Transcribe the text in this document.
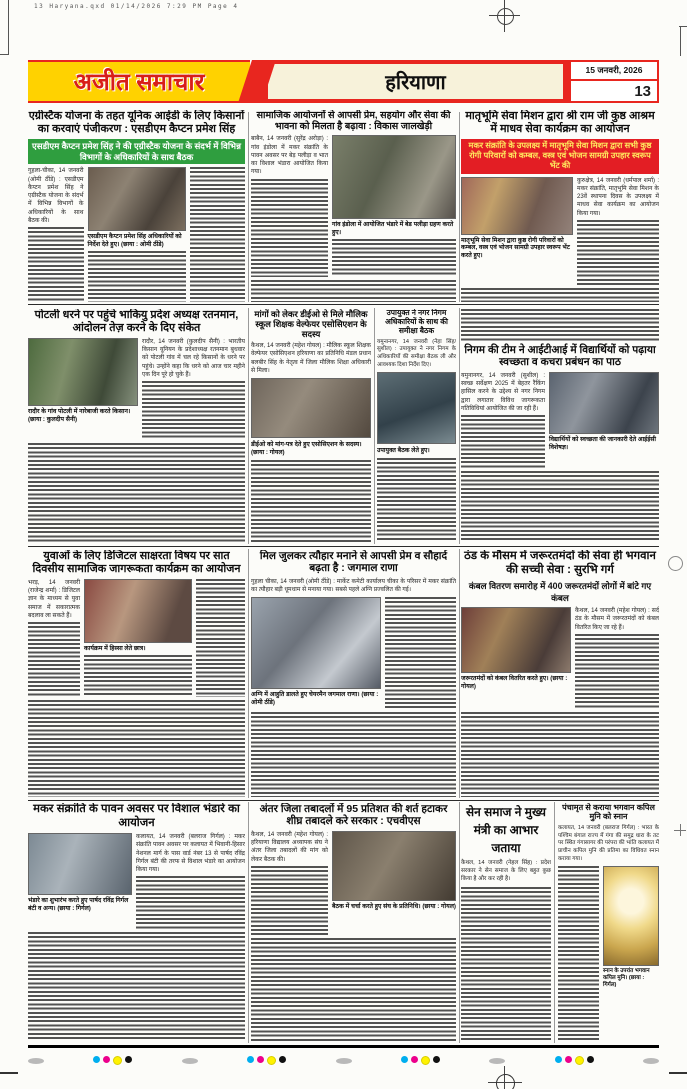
13 Haryana.qxd 01/14/2026 7:29 PM Page 4
अजीत समाचार	हरियाणा
15 जनवरी, 2026
13
एग्रीस्टैक योजना के तहत यूनिक आईडी के लिए किसानों का करवाएं पंजीकरण : एसडीएम कैप्टन प्रमेश सिंह
एसडीएम कैप्टन प्रमेश सिंह ने की एग्रीस्टैक योजना के संदर्भ में विभिन्न विभागों के अधिकारियों के साथ बैठक
गुहला-चीका, 14 जनवरी (ओमी ठींडे) : एसडीएम कैप्टन प्रमेश सिंह ने एग्रीस्टैक योजना के संदर्भ में विभिन्न विभागों के अधिकारियों के साथ बैठक की।
एसडीएम कैप्टन प्रमेश सिंह अधिकारियों को निर्देश देते हुए। (छाया : ओमी ठींडे)
सामाजिक आयोजनों से आपसी प्रेम, सहयोग और सेवा की भावना को मिलता है बढ़ावा : विकास जालखेड़ी
बाबैन, 14 जनवरी (सुरेंद्र अरोड़ा) : गांव इंडोला में मकर संक्रांति के पावन अवसर पर बेड़ पलीड़ा व भात का विशाल भंडारा आयोजित किया गया।
गांव इंडोला में आयोजित भंडारे में बेड पलीड़ा ग्रहण करते हुए।
मातृभूमि सेवा मिशन द्वारा श्री राम जी कुष्ठ आश्रम में माधव सेवा कार्यक्रम का आयोजन
मकर संक्रांति के उपलक्ष्य में मातृभूमि सेवा मिशन द्वारा सभी कुष्ठ रोगी परिवारों को कम्बल, वस्त्र एवं भोजन सामग्री उपहार स्वरूप भेंट की
मातृभूमि सेवा मिशन द्वारा कुष्ठ रोगी परिवारों को कम्बल, वस्त्र एवं भोजन सामग्री उपहार स्वरूप भेंट करते हुए।
कुरुक्षेत्र, 14 जनवरी (धर्मपाल शर्मा) : मकर संक्रांति, मातृभूमि सेवा मिशन के 23वें स्थापना दिवस के उपलक्ष्य में माधव सेवा कार्यक्रम का आयोजन किया गया।
पोटली धरने पर पहुंचे भाकियु प्रदेश अध्यक्ष रतनमान, आंदोलन तेज़ करने के दिए संकेत
रादौर के गांव पोटली में नारेबाजी करते किसान। (छाया : कुलदीप सैनी)
रादौर, 14 जनवरी (कुलदीप सैनी) : भारतीय किसान यूनियन के प्रदेशाध्यक्ष रतनमान बुधवार को पोटली गांव में चल रहे किसानों के धरने पर पहुंचे। उन्होंने कहा कि धरने को आज चार महीने एक दिन पूरे हो चुके हैं।
मांगों को लेकर डीईओ से मिले मौलिक स्कूल शिक्षक वेल्फेयर एसोसिएशन के सदस्य
कैथल, 14 जनवरी (महेश गोयल) : मौलिक स्कूल शिक्षक वेल्फेयर एसोसिएशन हरियाणा का प्रतिनिधि मंडल प्रधान बलबीर सिंह के नेतृत्व में जिला मौलिक शिक्षा अधिकारी से मिला।
डीईओ को मांग-पत्र देते हुए एसोसिएशन के सदस्य। (छाया : गोयल)
उपायुक्त ने नगर निगम अधिकारियों के साथ की समीक्षा बैठक
यमुनानगर, 14 जनवरी (नेहा सिंह/सुशील) : उपायुक्त ने नगर निगम के अधिकारियों की समीक्षा बैठक ली और आवश्यक दिशा निर्देश दिए।
उपायुक्त बैठक लेते हुए।
निगम की टीम ने आईटीआई में विद्यार्थियों को पढ़ाया स्वच्छता व कचरा प्रबंधन का पाठ
यमुनानगर, 14 जनवरी (सुशील) : स्वच्छ सर्वेक्षण 2025 में बेहतर रैंकिंग हासिल करने के उद्देश्य से नगर निगम द्वारा लगातार विविध जागरूकता गतिविधियां आयोजित की जा रही हैं।
विद्यार्थियों को स्वच्छता की जानकारी देते आईईसी विशेषज्ञ।
युवाओं के लिए डिजिटल साक्षरता विषय पर सात दिवसीय सामाजिक जागरूकता कार्यक्रम का आयोजन
भरड़, 14 जनवरी (राजेन्द्र शर्मा) : डिजिटल ज्ञान के माध्यम से युवा समाज में सकारात्मक बदलाव ला सकते हैं।
कार्यक्रम में हिस्सा लेते छात्र।
मिल जुलकर त्यौहार मनाने से आपसी प्रेम व सौहार्द बढ़ता है : जगमाल राणा
गुहला चीका, 14 जनवरी (ओमी ठींडे) : मार्केट कमेटी कार्यालय चीका के परिसर में मकर संक्रांति का त्यौहार बड़ी धूमधाम से मनाया गया। सबसे पहले अग्नि प्रज्वलित की गई।
अग्नि में आहुति डालते हुए चेयरमैन जगमाल राणा। (छाया : ओमी ठींडे)
ठंड के मौसम में जरूरतमंदों की सेवा ही भगवान की सच्ची सेवा : सुरभि गर्ग
कंबल वितरण समारोह में 400 जरूरतमंदों लोगों में बांटे गए कंबल
जरूरतमंदों को कंबल वितरित करते हुए। (छाया : गोयल)
कैथल, 14 जनवरी (महेश गोयल) : सर्द ठंड के मौसम में जरूरतमंदों को कंबल वितरित किए जा रहे हैं।
मकर संक्रांति के पावन अवसर पर विशाल भंडारे का आयोजन
भंडारे का शुभारंभ करते हुए पार्षद रविंद्र गिर्गल बंटी व अन्य। (छाया : गिर्गल)
कलायत, 14 जनवरी (बलराज गिर्गल) : मकर संक्रांति पावन अवसर पर कलायत में भिवानी-हिसार नेशनल मार्ग के पास वार्ड नंबर 13 से पार्षद रविंद्र गिर्गल बंटी की तरफ से विशाल भंडारे का आयोजन किया गया।
अंतर जिला तबादलों में 95 प्रतिशत की शर्त हटाकर शीघ्र तबादले करे सरकार : एचवीएस
कैथल, 14 जनवरी (महेश गोयल) : हरियाणा विद्यालय अध्यापक संघ ने अंतर जिला तबादलों की मांग को लेकर बैठक की।
बैठक में चर्चा करते हुए संघ के प्रतिनिधि। (छाया : गोयल)
सेन समाज ने मुख्य मंत्री का आभार जताया
कैथल, 14 जनवरी (नेहल सिंह) : प्रदेश सरकार ने सेन समाज के लिए बहुत कुछ किया है और कर रही है।
पंचामृत से कराया भगवान कपिल मुनि को स्नान
कलायत, 14 जनवरी (बलराज गिर्गल) : भारत के पश्चिम बंगाल राज्य में गंगा की समुद्र धारा के तट पर स्थित गंगासागर की परंपरा की भांति कलायत में प्राचीन कपिल मुनि की प्रतिमा का विधिवत स्नान कराया गया।
स्नान के उपरांत भगवान कपिल मुनि। (छाया : गिर्गल)
